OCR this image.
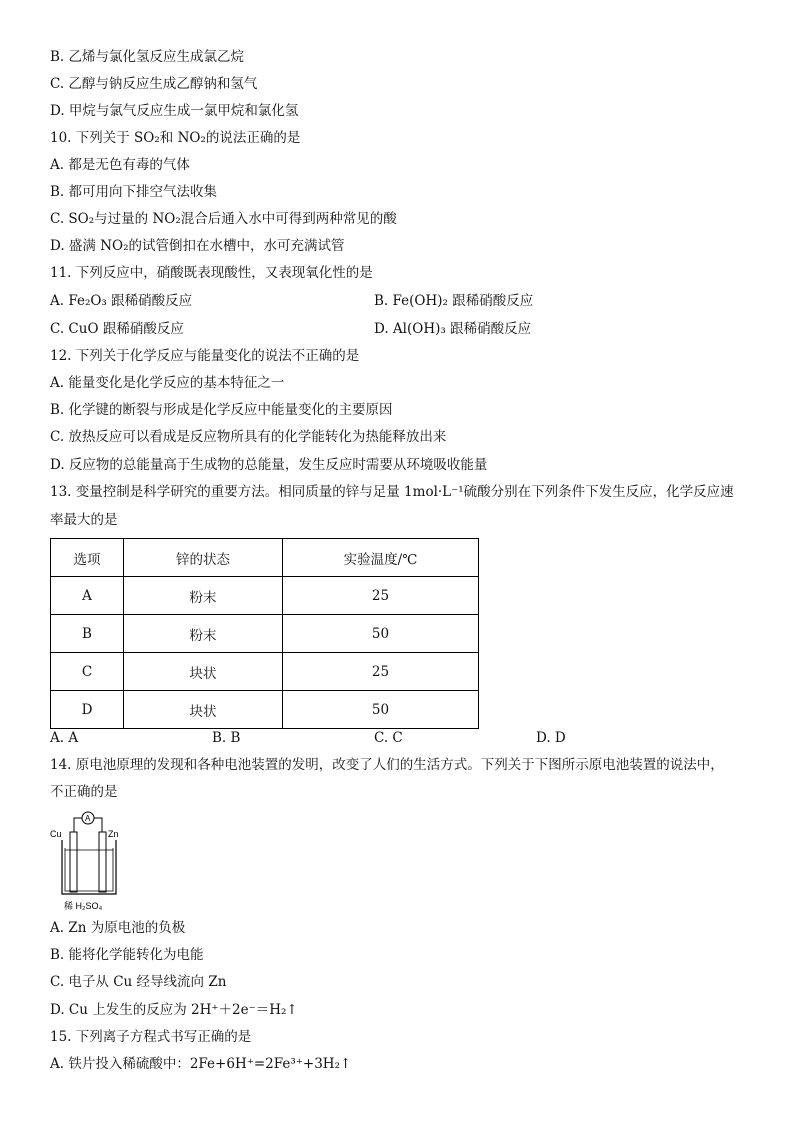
B. 乙烯与氯化氢反应生成氯乙烷
C. 乙醇与钠反应生成乙醇钠和氢气
D. 甲烷与氯气反应生成一氯甲烷和氯化氢
10. 下列关于 SO₂和 NO₂的说法正确的是
A. 都是无色有毒的气体
B. 都可用向下排空气法收集
C. SO₂与过量的 NO₂混合后通入水中可得到两种常见的酸
D. 盛满 NO₂的试管倒扣在水槽中，水可充满试管
11. 下列反应中，硝酸既表现酸性，又表现氧化性的是
A. Fe₂O₃ 跟稀硝酸反应	B. Fe(OH)₂ 跟稀硝酸反应
C. CuO 跟稀硝酸反应	D. Al(OH)₃ 跟稀硝酸反应
12. 下列关于化学反应与能量变化的说法不正确的是
A. 能量变化是化学反应的基本特征之一
B. 化学键的断裂与形成是化学反应中能量变化的主要原因
C. 放热反应可以看成是反应物所具有的化学能转化为热能释放出来
D. 反应物的总能量高于生成物的总能量，发生反应时需要从环境吸收能量
13. 变量控制是科学研究的重要方法。相同质量的锌与足量 1mol·L⁻¹硫酸分别在下列条件下发生反应，化学反应速
率最大的是
选项	锌的状态	实验温度/℃
A	粉末	25
B	粉末	50
C	块状	25
D	块状	50
A. A	B. B	C. C	D. D
14. 原电池原理的发现和各种电池装置的发明，改变了人们的生活方式。下列关于下图所示原电池装置的说法中，
不正确的是
Cu	Zn
A
稀 H₂SO₄
A. Zn 为原电池的负极
B. 能将化学能转化为电能
C. 电子从 Cu 经导线流向 Zn
D. Cu 上发生的反应为 2H⁺＋2e⁻＝H₂↑
15. 下列离子方程式书写正确的是
A. 铁片投入稀硫酸中：2Fe+6H⁺=2Fe³⁺+3H₂↑
